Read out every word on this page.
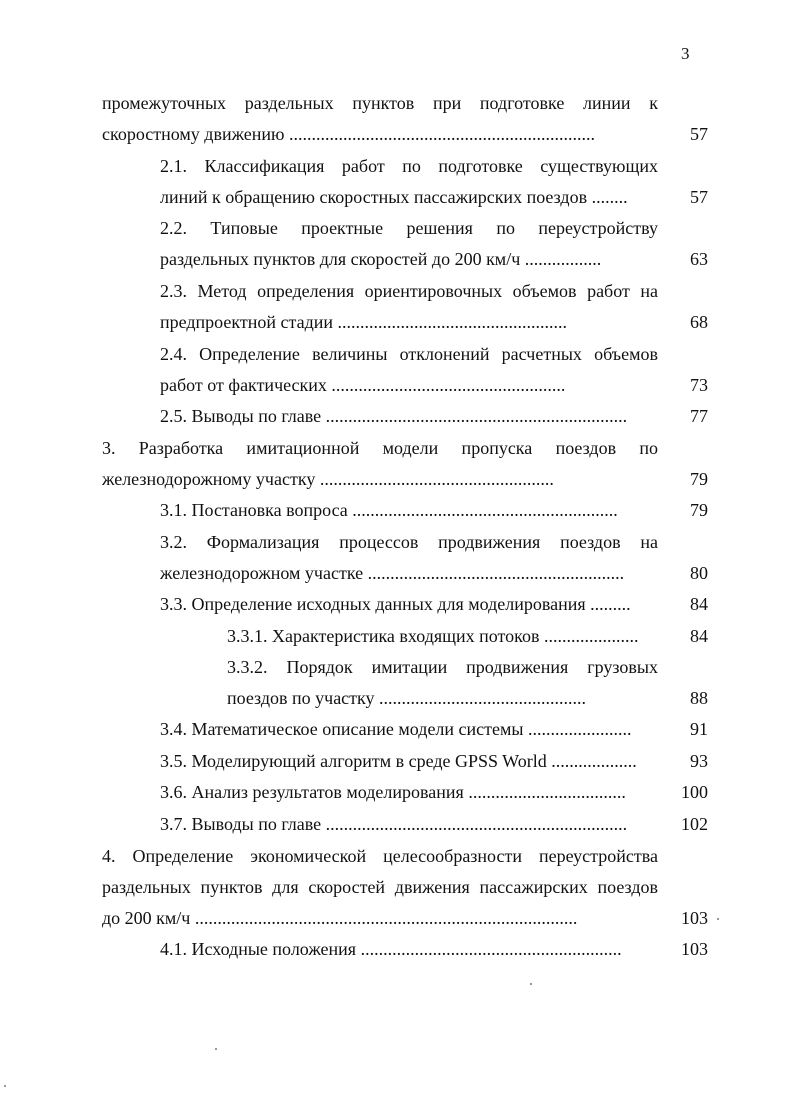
3
промежуточных раздельных пунктов при подготовке линии к
скоростному движению ....................................................................	57
2.1. Классификация работ по подготовке существующих
линий к обращению скоростных пассажирских поездов ........	57
2.2. Типовые проектные решения по переустройству
раздельных пунктов для скоростей до 200 км/ч .................	63
2.3. Метод определения ориентировочных объемов работ на
предпроектной стадии ...................................................	68
2.4. Определение величины отклонений расчетных объемов
работ от фактических ....................................................	73
2.5. Выводы по главе ...................................................................	77
3. Разработка имитационной модели пропуска поездов по
железнодорожному участку ....................................................	79
3.1. Постановка вопроса ...........................................................	79
3.2. Формализация процессов продвижения поездов на
железнодорожном участке .........................................................	80
3.3. Определение исходных данных для моделирования .........	84
3.3.1. Характеристика входящих потоков .....................	84
3.3.2. Порядок имитации продвижения грузовых
поездов по участку ..............................................	88
3.4. Математическое описание модели системы .......................	91
3.5. Моделирующий алгоритм в среде GPSS World ...................	93
3.6. Анализ результатов моделирования ...................................	100
3.7. Выводы по главе ...................................................................	102
4. Определение экономической целесообразности переустройства
раздельных пунктов для скоростей движения пассажирских поездов
до 200 км/ч .....................................................................................	103
4.1. Исходные положения ..........................................................	103
